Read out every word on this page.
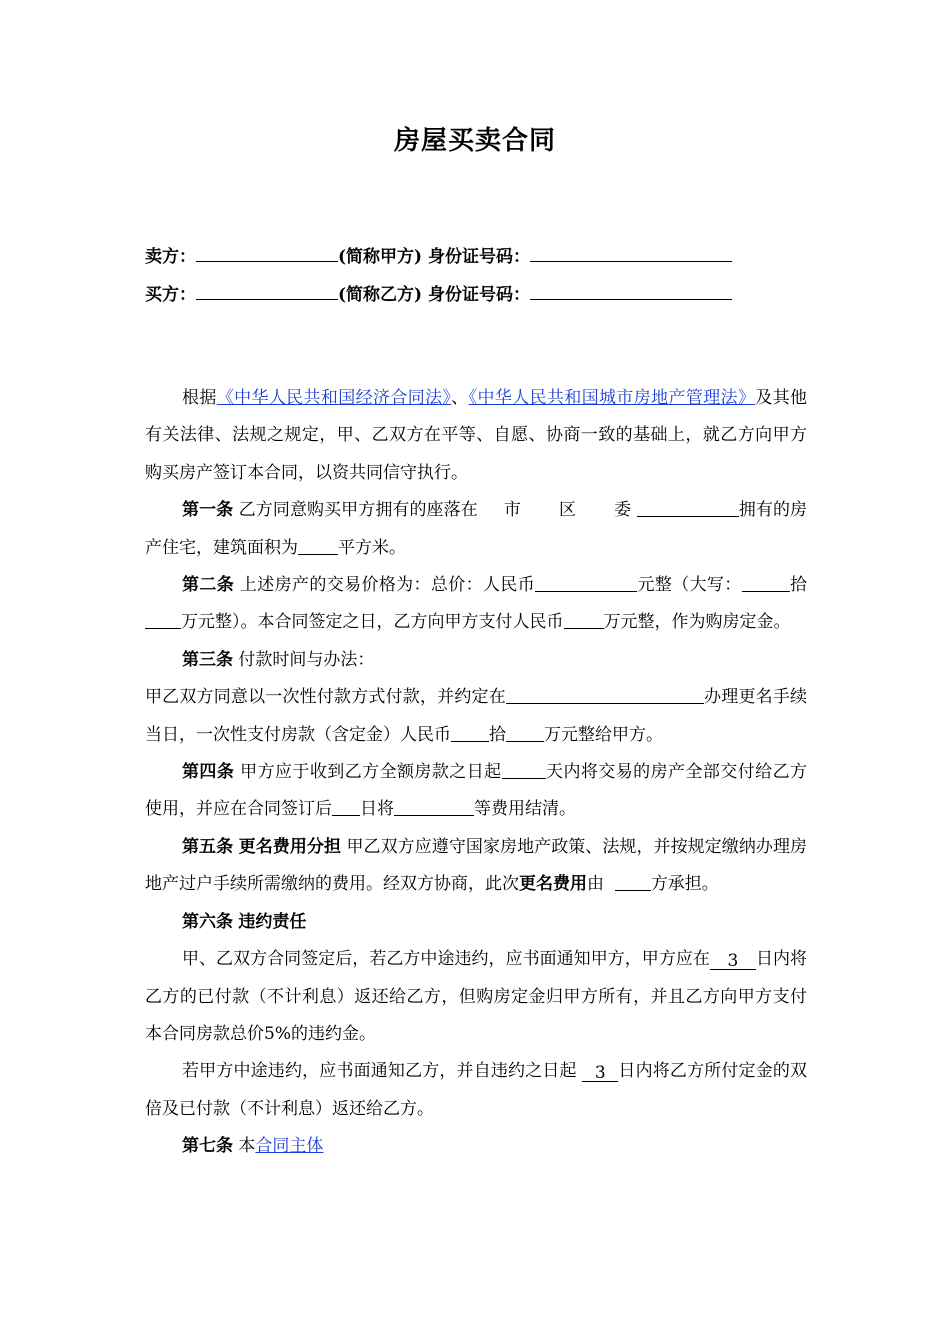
房屋买卖合同
卖方：	(简称甲方) 身份证号码：
买方：	(简称乙方) 身份证号码：

根据《中华人民共和国经济合同法》、《中华人民共和国城市房地产管理法》及其他有关法律、法规之规定，甲、乙双方在平等、自愿、协商一致的基础上，就乙方向甲方购买房产签订本合同，以资共同信守执行。

第一条 乙方同意购买甲方拥有的座落在 市 区 委	拥有的房产住宅，建筑面积为 平方米。

第二条 上述房产的交易价格为：总价：人民币	元整（大写：	拾万元整）。本合同签定之日，乙方向甲方支付人民币 万元整，作为购房定金。

第三条 付款时间与办法：

甲乙双方同意以一次性付款方式付款，并约定在	办理更名手续当日，一次性支付房款（含定金）人民币 拾 万元整给甲方。

第四条 甲方应于收到乙方全额房款之日起	天内将交易的房产全部交付给乙方使用，并应在合同签订后 日将	等费用结清。

第五条 更名费用分担 甲乙双方应遵守国家房地产政策、法规，并按规定缴纳办理房地产过户手续所需缴纳的费用。经双方协商，此次更名费用由	方承担。

第六条 违约责任

甲、乙双方合同签定后，若乙方中途违约，应书面通知甲方，甲方应在 3 日内将乙方的已付款（不计利息）返还给乙方，但购房定金归甲方所有，并且乙方向甲方支付本合同房款总价5%的违约金。

若甲方中途违约，应书面通知乙方，并自违约之日起 3 日内将乙方所付定金的双倍及已付款（不计利息）返还给乙方。

第七条 本合同主体
